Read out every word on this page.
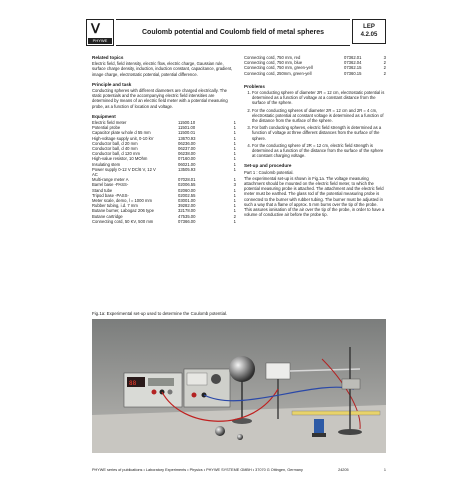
Ⅴ
PHYWE
Coulomb potential and Coulomb field of metal spheres
LEP
4.2.05
Related topics

Electric field, field intensity, electric flow, electric charge, Gaussian rule, surface charge density, induction, induction constant, capacitance, gradient, image charge, electrostatic potential, potential difference.

Principle and task

Conducting spheres with different diameters are charged electrically. The static potentials and the accompanying electric field intensities are determined by means of an electric field meter with a potential measuring probe, as a function of location and voltage.

Equipment
Electric field meter	11500.10	1
Potential probe	11501.00	1
Capacitor plate w.hole d 55 mm	11500.01	1
High-voltage supply unit, 0-10 kV	13670.93	1
Conductor ball, d 20 mm	06236.00	1
Conductor ball, d 40 mm	06237.00	1
Conductor ball, d 120 mm	06238.00	1
High-value resistor, 10 MOhm	07160.00	1
Insulating stem	06021.00	1
Power supply 0-12 V DC/6 V, 12 V AC
13505.93	1
Multi-range meter A	07028.01	1
Barrel base -PASS-	02006.55	3
Stand tube	02060.00	1
Tripod base -PASS-	02002.55	1
Meter scale, demo, l = 1000 mm	03001.00	1
Rubber tubing, i.d. 7 mm	39282.00	1
Butane burner, Labogaz 206 type	32178.00	1
Butane cartridge	47535.00	2
Connecting cord, 50 KV, 500 mm	07366.00	1
Connecting cord, 750 mm, red	07362.01	3
Connecting cord, 750 mm, blue	07362.04	2
Connecting cord, 750 mm, green-yell	07362.15	2
Connecting cord, 250mm, green-yell	07360.15	2
Problems
1. For conducting sphere of diameter 2R = 12 cm, electrostatic potential is determined as a function of voltage at a constant distance from the surface of the sphere.
2. For the conducting spheres of diameter 2R = 12 cm and 2R = 4 cm, electrostatic potential at constant voltage is determined as a function of the distance from the surface of the sphere.
3. For both conducting spheres, electric field strength is determined as a function of voltage at three different distances from the surface of the sphere.
4. For the conducting sphere of 2R = 12 cm, electric field strength is determined as a function of the distance from the surface of the sphere at constant charging voltage.
Set-up and procedure
Part 1 : Coulomb potential.

The experimental set-up is shown in Fig.1a. The voltage measuring attachment should be mounted on the electric field meter, to which the potential measuring probe is attached. The attachment and the electric field meter must be earthed. The glass rod of the potential measuring probe is connected to the burner with rubber tubing. The burner must be adjusted in such a way that a flame of approx. 5 mm burns over the tip of the probe. This assures ionisation of the air over the tip of the probe, in order to have a volume of conductive air before the probe tip.

Fig.1a: Experimental set-up used to determine the Coulomb potential.
88
PHYWE series of publications • Laboratory Experiments • Physics • PHYWE SYSTEME GMBH • 37070 G Ottingen, Germany	24205	1
